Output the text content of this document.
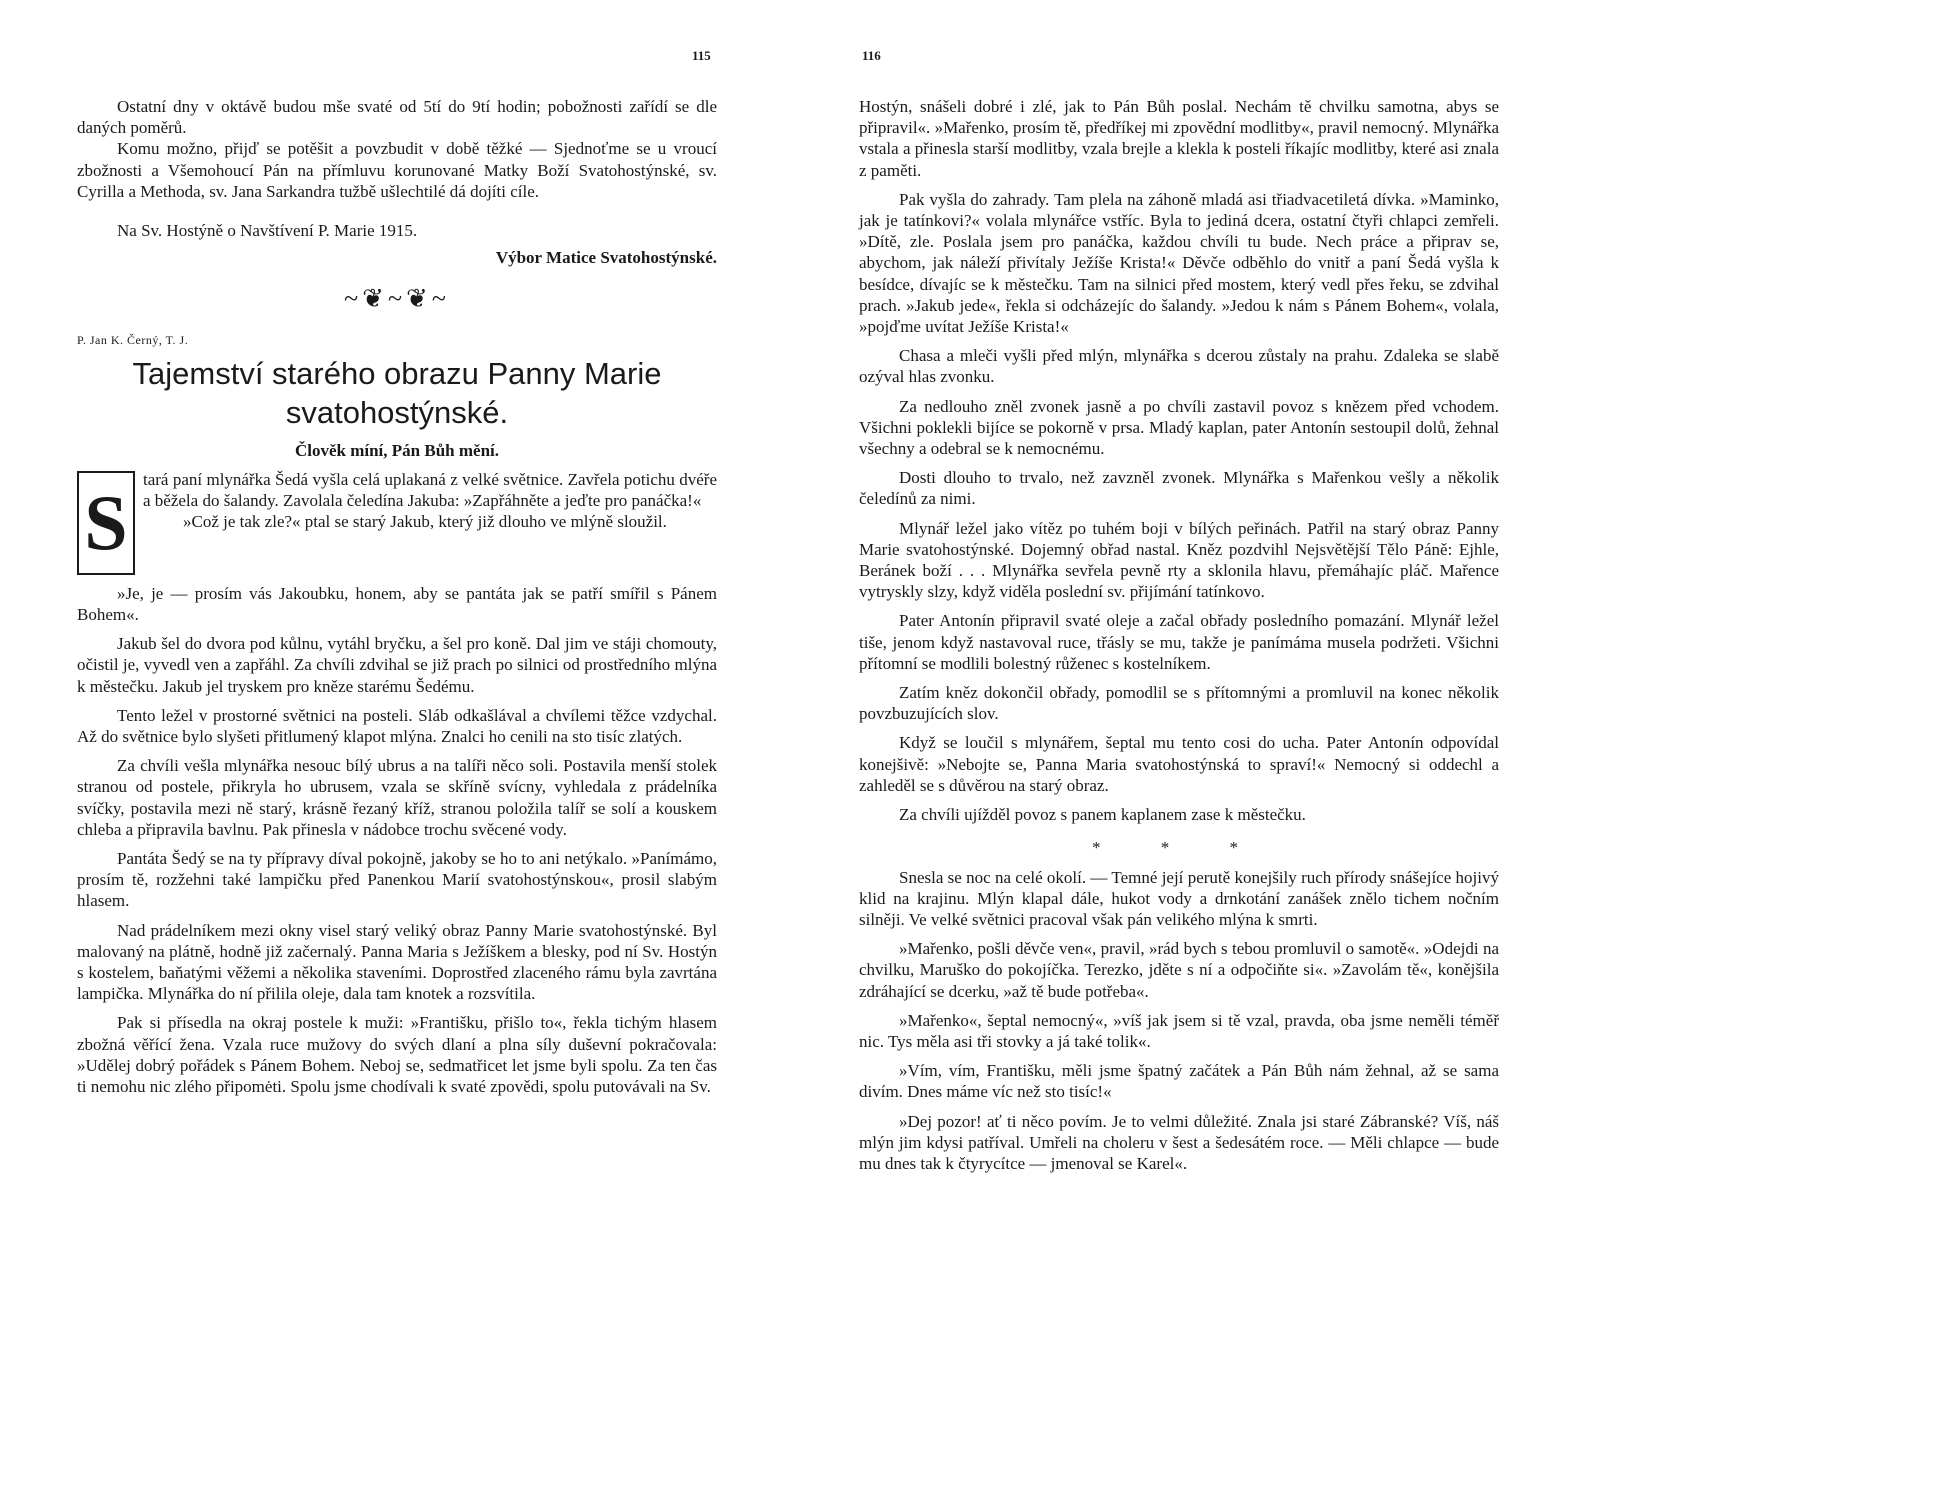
115

Ostatní dny v oktávě budou mše svaté od 5tí do 9tí hodin; pobožnosti zařídí se dle daných poměrů.

Komu možno, přijď se potěšit a povzbudit v době těžké — Sjednoťme se u vroucí zbožnosti a Všemohoucí Pán na přímluvu korunované Matky Boží Svatohostýnské, sv. Cyrilla a Methoda, sv. Jana Sarkandra tužbě ušlechtilé dá dojíti cíle.

Na Sv. Hostýně o Navštívení P. Marie 1915.

Výbor Matice Svatohostýnské.

~❦~❦~
P. Jan K. Černý, T. J.
Tajemství starého obrazu Panny Marie svatohostýnské.
Člověk míní, Pán Bůh mění.
S tará paní mlynářka Šedá vyšla celá uplakaná z velké světnice. Zavřela potichu dvéře a běžela do šalandy. Zavolala čeledína Jakuba: »Zapřáhněte a jeďte pro panáčka!«

»Což je tak zle?« ptal se starý Jakub, který již dlouho ve mlýně sloužil.

»Je, je — prosím vás Jakoubku, honem, aby se pantáta jak se patří smířil s Pánem Bohem«.

Jakub šel do dvora pod kůlnu, vytáhl bryčku, a šel pro koně. Dal jim ve stáji chomouty, očistil je, vyvedl ven a zapřáhl. Za chvíli zdvihal se již prach po silnici od prostředního mlýna k městečku. Jakub jel tryskem pro kněze starému Šedému.

Tento ležel v prostorné světnici na posteli. Sláb odkašlával a chvílemi těžce vzdychal. Až do světnice bylo slyšeti přitlumený klapot mlýna. Znalci ho cenili na sto tisíc zlatých.

Za chvíli vešla mlynářka nesouc bílý ubrus a na talíři něco soli. Postavila menší stolek stranou od postele, přikryla ho ubrusem, vzala se skříně svícny, vyhledala z prádelníka svíčky, postavila mezi ně starý, krásně řezaný kříž, stranou položila talíř se solí a kouskem chleba a připravila bavlnu. Pak přinesla v nádobce trochu svěcené vody.

Pantáta Šedý se na ty přípravy díval pokojně, jakoby se ho to ani netýkalo. »Panímámo, prosím tě, rozžehni také lampičku před Panenkou Marií svatohostýnskou«, prosil slabým hlasem.

Nad prádelníkem mezi okny visel starý veliký obraz Panny Marie svatohostýnské. Byl malovaný na plátně, hodně již začernalý. Panna Maria s Ježíškem a blesky, pod ní Sv. Hostýn s kostelem, baňatými věžemi a několika staveními. Doprostřed zlaceného rámu byla zavrtána lampička. Mlynářka do ní přilila oleje, dala tam knotek a rozsvítila.

Pak si přísedla na okraj postele k muži: »Františku, přišlo to«, řekla tichým hlasem zbožná věřící žena. Vzala ruce mužovy do svých dlaní a plna síly duševní pokračovala: »Udělej dobrý pořádek s Pánem Bohem. Neboj se, sedmatřicet let jsme byli spolu. Za ten čas ti nemohu nic zlého připomėti. Spolu jsme chodívali k svaté zpovědi, spolu putovávali na Sv.

116

Hostýn, snášeli dobré i zlé, jak to Pán Bůh poslal. Nechám tě chvilku samotna, abys se připravil«. »Mařenko, prosím tě, předříkej mi zpovědní modlitby«, pravil nemocný. Mlynářka vstala a přinesla starší modlitby, vzala brejle a klekla k posteli říkajíc modlitby, které asi znala z paměti.

Pak vyšla do zahrady. Tam plela na záhoně mladá asi třiadvacetiletá dívka. »Maminko, jak je tatínkovi?« volala mlynářce vstříc. Byla to jediná dcera, ostatní čtyři chlapci zemřeli. »Dítě, zle. Poslala jsem pro panáčka, každou chvíli tu bude. Nech práce a připrav se, abychom, jak náleží přivítaly Ježíše Krista!« Děvče odběhlo do vnitř a paní Šedá vyšla k besídce, dívajíc se k městečku. Tam na silnici před mostem, který vedl přes řeku, se zdvihal prach. »Jakub jede«, řekla si odcházejíc do šalandy. »Jedou k nám s Pánem Bohem«, volala, »pojďme uvítat Ježíše Krista!«

Chasa a mleči vyšli před mlýn, mlynářka s dcerou zůstaly na prahu. Zdaleka se slabě ozýval hlas zvonku.

Za nedlouho zněl zvonek jasně a po chvíli zastavil povoz s knězem před vchodem. Všichni poklekli bijíce se pokorně v prsa. Mladý kaplan, pater Antonín sestoupil dolů, žehnal všechny a odebral se k nemocnému.

Dosti dlouho to trvalo, než zavzněl zvonek. Mlynářka s Mařenkou vešly a několik čeledínů za nimi.

Mlynář ležel jako vítěz po tuhém boji v bílých peřinách. Patřil na starý obraz Panny Marie svatohostýnské. Dojemný obřad nastal. Kněz pozdvihl Nejsvětější Tělo Páně: Ejhle, Beránek boží . . . Mlynářka sevřela pevně rty a sklonila hlavu, přemáhajíc pláč. Mařence vytryskly slzy, když viděla poslední sv. přijímání tatínkovo.

Pater Antonín připravil svaté oleje a začal obřady posledního pomazání. Mlynář ležel tiše, jenom když nastavoval ruce, třásly se mu, takže je panímáma musela podržeti. Všichni přítomní se modlili bolestný růženec s kostelníkem.

Zatím kněz dokončil obřady, pomodlil se s přítomnými a promluvil na konec několik povzbuzujících slov.

Když se loučil s mlynářem, šeptal mu tento cosi do ucha. Pater Antonín odpovídal konejšivě: »Nebojte se, Panna Maria svatohostýnská to spraví!« Nemocný si oddechl a zahleděl se s důvěrou na starý obraz.

Za chvíli ujížděl povoz s panem kaplanem zase k městečku.

* * *

Snesla se noc na celé okolí. — Temné její perutě konejšily ruch přírody snášejíce hojivý klid na krajinu. Mlýn klapal dále, hukot vody a drnkotání zanášek znělo tichem nočním silněji. Ve velké světnici pracoval však pán velikého mlýna k smrti.

»Mařenko, pošli děvče ven«, pravil, »rád bych s tebou promluvil o samotě«. »Odejdi na chvilku, Maruško do pokojíčka. Terezko, jděte s ní a odpočiňte si«. »Zavolám tě«, konějšila zdráhající se dcerku, »až tě bude potřeba«.

»Mařenko«, šeptal nemocný«, »víš jak jsem si tě vzal, pravda, oba jsme neměli téměř nic. Tys měla asi tři stovky a já také tolik«.

»Vím, vím, Františku, měli jsme špatný začátek a Pán Bůh nám žehnal, až se sama divím. Dnes máme víc než sto tisíc!«

»Dej pozor! ať ti něco povím. Je to velmi důležité. Znala jsi staré Zábranské? Víš, náš mlýn jim kdysi patříval. Umřeli na choleru v šest a šedesátém roce. — Měli chlapce — bude mu dnes tak k čtyrycítce — jmenoval se Karel«.
